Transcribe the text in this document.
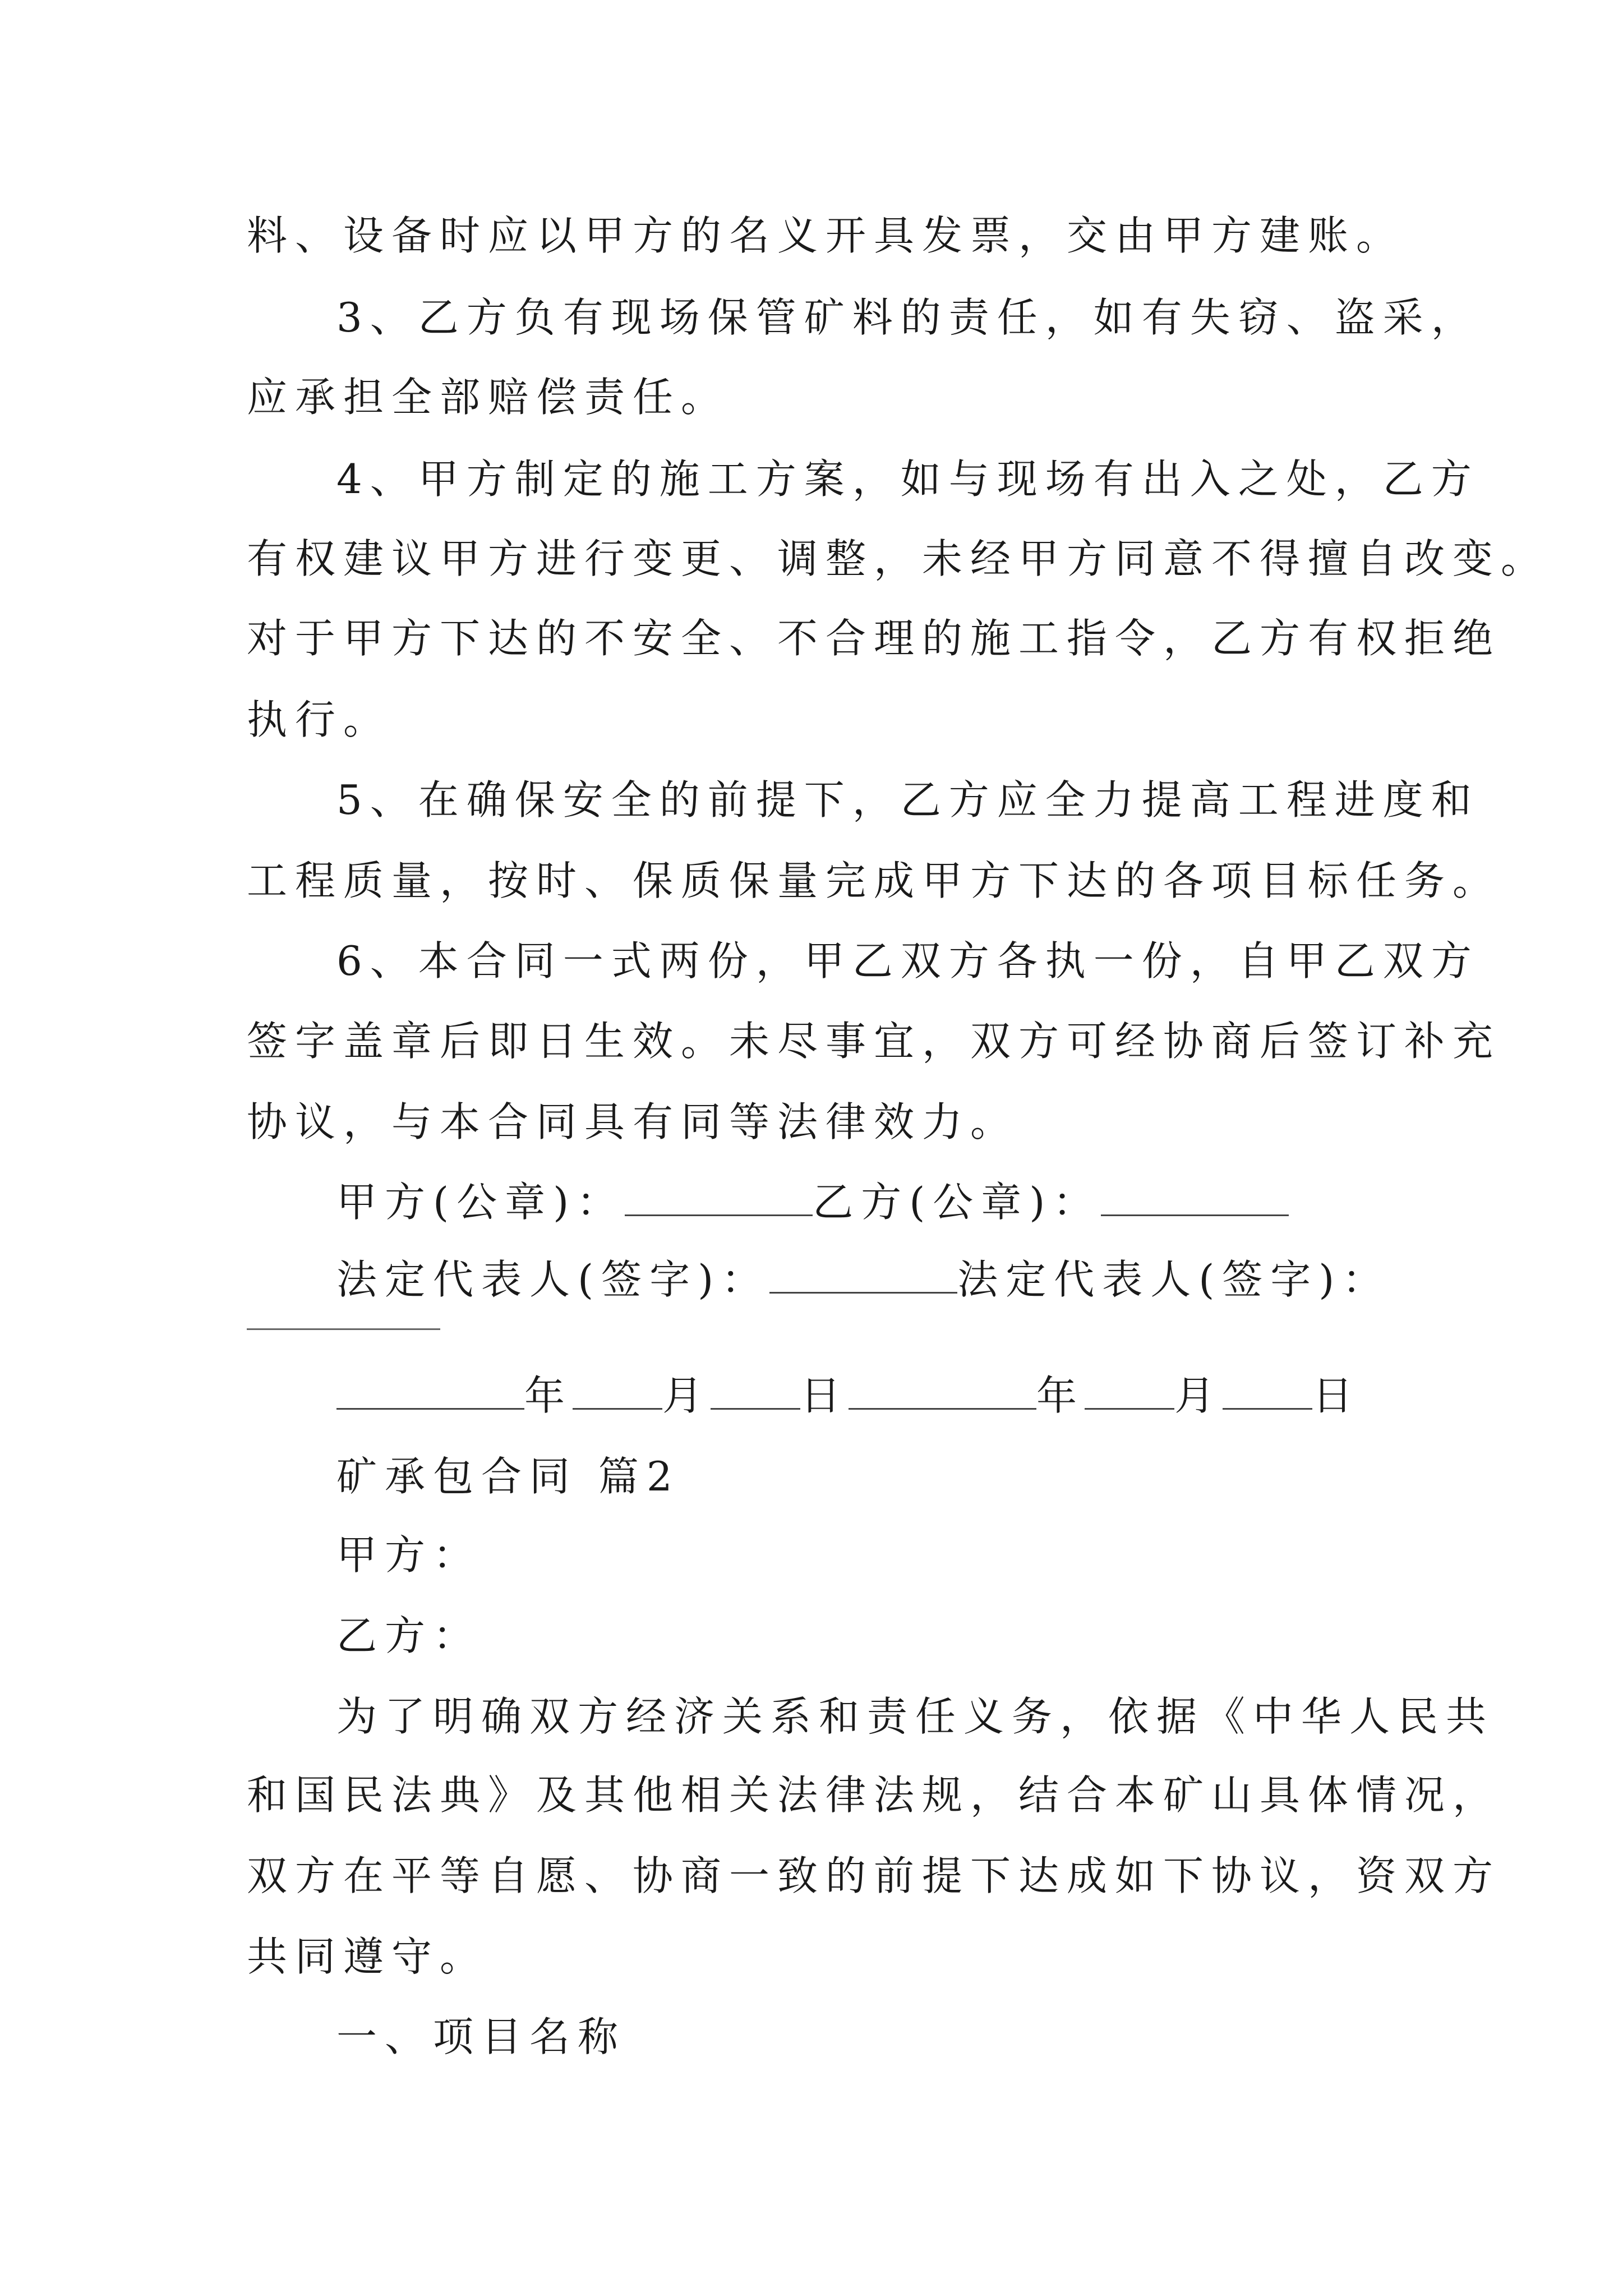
料、设备时应以甲方的名义开具发票，交由甲方建账。
3、乙方负有现场保管矿料的责任，如有失窃、盗采，
应承担全部赔偿责任。
4、甲方制定的施工方案，如与现场有出入之处，乙方
有权建议甲方进行变更、调整，未经甲方同意不得擅自改变。
对于甲方下达的不安全、不合理的施工指令，乙方有权拒绝
执行。
5、在确保安全的前提下，乙方应全力提高工程进度和
工程质量，按时、保质保量完成甲方下达的各项目标任务。
6、本合同一式两份，甲乙双方各执一份，自甲乙双方
签字盖章后即日生效。未尽事宜，双方可经协商后签订补充
协议，与本合同具有同等法律效力。
甲方(公章)：	乙方(公章)：
法定代表人(签字)：	法定代表人(签字)：
年 月 日	年 月 日
矿承包合同 篇2
甲方：
乙方：
为了明确双方经济关系和责任义务，依据《中华人民共
和国民法典》及其他相关法律法规，结合本矿山具体情况，
双方在平等自愿、协商一致的前提下达成如下协议，资双方
共同遵守。
一、项目名称
